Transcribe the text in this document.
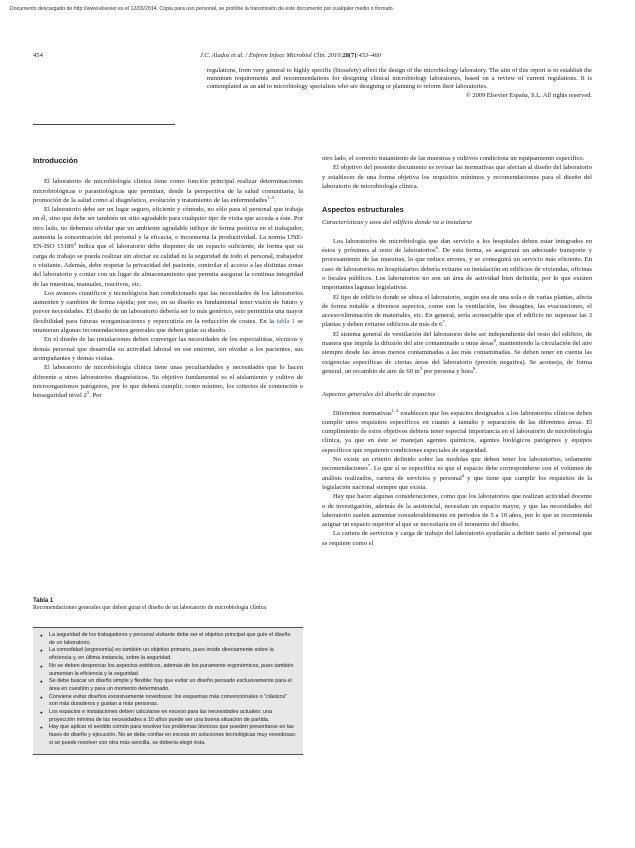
Documento descargado de http://www.elsevier.es el 12/03/2014. Copia para uso personal, se prohíbe la transmisión de este documento por cualquier medio o formato.
454	J.C. Alados et al. / Enferm Infecc Microbiol Clin. 2010;28(7):453–460

regulations, from very general to highly specific (biosafety) affect the design of the microbiology laboratory. The aim of this report is to establish the minimum requirements and recommendations for designing clinical microbiology laboratories, based on a review of current regulations. It is contemplated as an aid to microbiology specialists who are designing or planning to reform their laboratories.

© 2009 Elsevier España, S.L. All rights reserved.

Introducción

El laboratorio de microbiología clínica tiene como función principal realizar determinaciones microbiológicas o parasitológicas que permitan, desde la perspectiva de la salud comunitaria, la promoción de la salud como al diagnóstico, evolución y tratamiento de las enfermedades$^{1-3}$.

El laboratorio debe ser un lugar seguro, eficiente y cómodo, no sólo para el personal que trabaja en él, sino que debe ser también un sitio agradable para cualquier tipo de visita que acceda a éste. Por otro lado, no debemos olvidar que un ambiente agradable influye de forma positiva en el trabajador, aumenta la concentración del personal y la eficacia, e incrementa la productividad. La norma UNE-EN-ISO 15189$^4$ indica que el laboratorio debe disponer de un espacio suficiente, de forma que su carga de trabajo se pueda realizar sin afectar su calidad ni la seguridad de todo el personal, trabajador o visitante. Además, debe respetar la privacidad del paciente, controlar el acceso a las distintas zonas del laboratorio y contar con un lugar de almacenamiento que permita asegurar la continua integridad de las muestras, manuales, reactivos, etc.

Los avances científicos y tecnológicos han condicionado que las necesidades de los laboratorios aumenten y cambien de forma rápida; por eso, en su diseño es fundamental tener visión de futuro y prever necesidades. El diseño de un laboratorio debería ser lo más genérico, esto permitiría una mayor flexibilidad para futuras reorganizaciones y repercutiría en la reducción de costes. En la tabla 1 se enumeran algunas recomendaciones generales que deben guiar su diseño.

En el diseño de las instalaciones deben converger las necesidades de los especialistas, técnicos y demás personal que desarrolla su actividad laboral en ese entorno, sin olvidar a los pacientes, sus acompañantes y demás visitas.

El laboratorio de microbiología clínica tiene unas peculiaridades y necesidades que lo hacen diferente a otros laboratorios diagnósticos. Su objetivo fundamental es el aislamiento y cultivo de microorganismos patógenos, por lo que deberá cumplir, como mínimo, los criterios de contención o bioseguridad nivel $2^5$. Por

Tabla 1
Recomendaciones generales que deben guiar el diseño de un laboratorio de microbiología clínica
● La seguridad de los trabajadores y personal visitante debe ser el objetivo principal que guíe el diseño de un laboratorio.
● La comodidad (ergonomía) es también un objetivo primario, pues incide directamente sobre la eficiencia y, en última instancia, sobre la seguridad.
● No se deben despreciar los aspectos estéticos, además de los puramente ergonómicos, pues también aumentan la eficiencia y la seguridad.
● Se debe buscar un diseño simple y flexible: hay que evitar un diseño pensado exclusivamente para el área en cuestión y para un momento determinado.
● Conviene evitar diseños excesivamente novedosos: los esquemas más convencionales o "clásicos" son más duraderos y gustan a más personas.
● Los espacios e instalaciones deben calcularse en exceso para las necesidades actuales: una proyección mínima de las necesidades a 10 años puede ser una buena situación de partida.
● Hay que aplicar el sentido común para resolver los problemas técnicos que pueden presentarse en las fases de diseño y ejecución. No se debe confiar en exceso en soluciones tecnológicas muy novedosas: si se puede resolver con otra más sencilla, se debería elegir ésta.

otro lado, el correcto tratamiento de las muestras y cultivos condiciona un equipamiento específico.

El objetivo del presente documento es revisar las normativas que afectan al diseño del laboratorio y establecer de una forma objetiva los requisitos mínimos y recomendaciones para el diseño del laboratorio de microbiología clínica.

Aspectos estructurales
Características y usos del edificio donde va a instalarse

Los laboratorios de microbiología que dan servicio a los hospitales deben estar integrados en éstos y próximos al resto de laboratorios$^6$. De esta forma, se asegurará un adecuado transporte y procesamiento de las muestras, lo que reduce errores, y se conseguirá un servicio más eficiente. En caso de laboratorios no hospitalarios debería evitarse su instalación en edificios de viviendas, oficinas o locales públicos. Los laboratorios no son un área de actividad bien definida, por lo que existen importantes lagunas legislativas.

El tipo de edificio donde se ubica el laboratorio, según sea de una sola o de varias plantas, afecta de forma notable a diversos aspectos, como son la ventilación, los desagües, las evacuaciones, el acceso/eliminación de materiales, etc. En general, sería aconsejable que el edificio no superase las 3 plantas y deben evitarse edificios de más de $6^7$.

El sistema general de ventilación del laboratorio debe ser independiente del resto del edificio, de manera que impida la difusión del aire contaminado a otras áreas$^8$, manteniendo la circulación del aire siempre desde las áreas menos contaminadas a las más contaminadas. Se deben tener en cuenta las exigencias específicas de ciertas áreas del laboratorio (presión negativa). Se aconseja, de forma general, un recambio de aire de 60 $m^3$ por persona y hora$^9$.

Aspectos generales del diseño de espacios

Diferentes normativas$^{1-4}$ establecen que los espacios designados a los laboratorios clínicos deben cumplir unos requisitos específicos en cuanto a tamaño y separación de las diferentes áreas. El cumplimiento de estos objetivos debiera tener especial importancia en el laboratorio de microbiología clínica, ya que en éste se manejan agentes químicos, agentes biológicos patógenos y equipos específicos que requieren condiciones especiales de seguridad.

No existe un criterio definido sobre las medidas que deben tener los laboratorios, solamente recomendaciones$^7$. Lo que sí se especifica es que el espacio debe corresponderse con el volumen de análisis realizados, cartera de servicios y personal$^4$ y que tiene que cumplir los requisitos de la legislación nacional siempre que exista.

Hay que hacer algunas consideraciones, como que los laboratorios que realizan actividad docente o de investigación, además de la asistencial, necesitan un espacio mayor, y que las necesidades del laboratorio suelen aumentar considerablemente en periodos de 5 a 10 años, por lo que se recomienda asignar un espacio superior al que se necesitaría en el momento del diseño.

La cartera de servicios y carga de trabajo del laboratorio ayudarán a definir tanto el personal que se requiere como el
